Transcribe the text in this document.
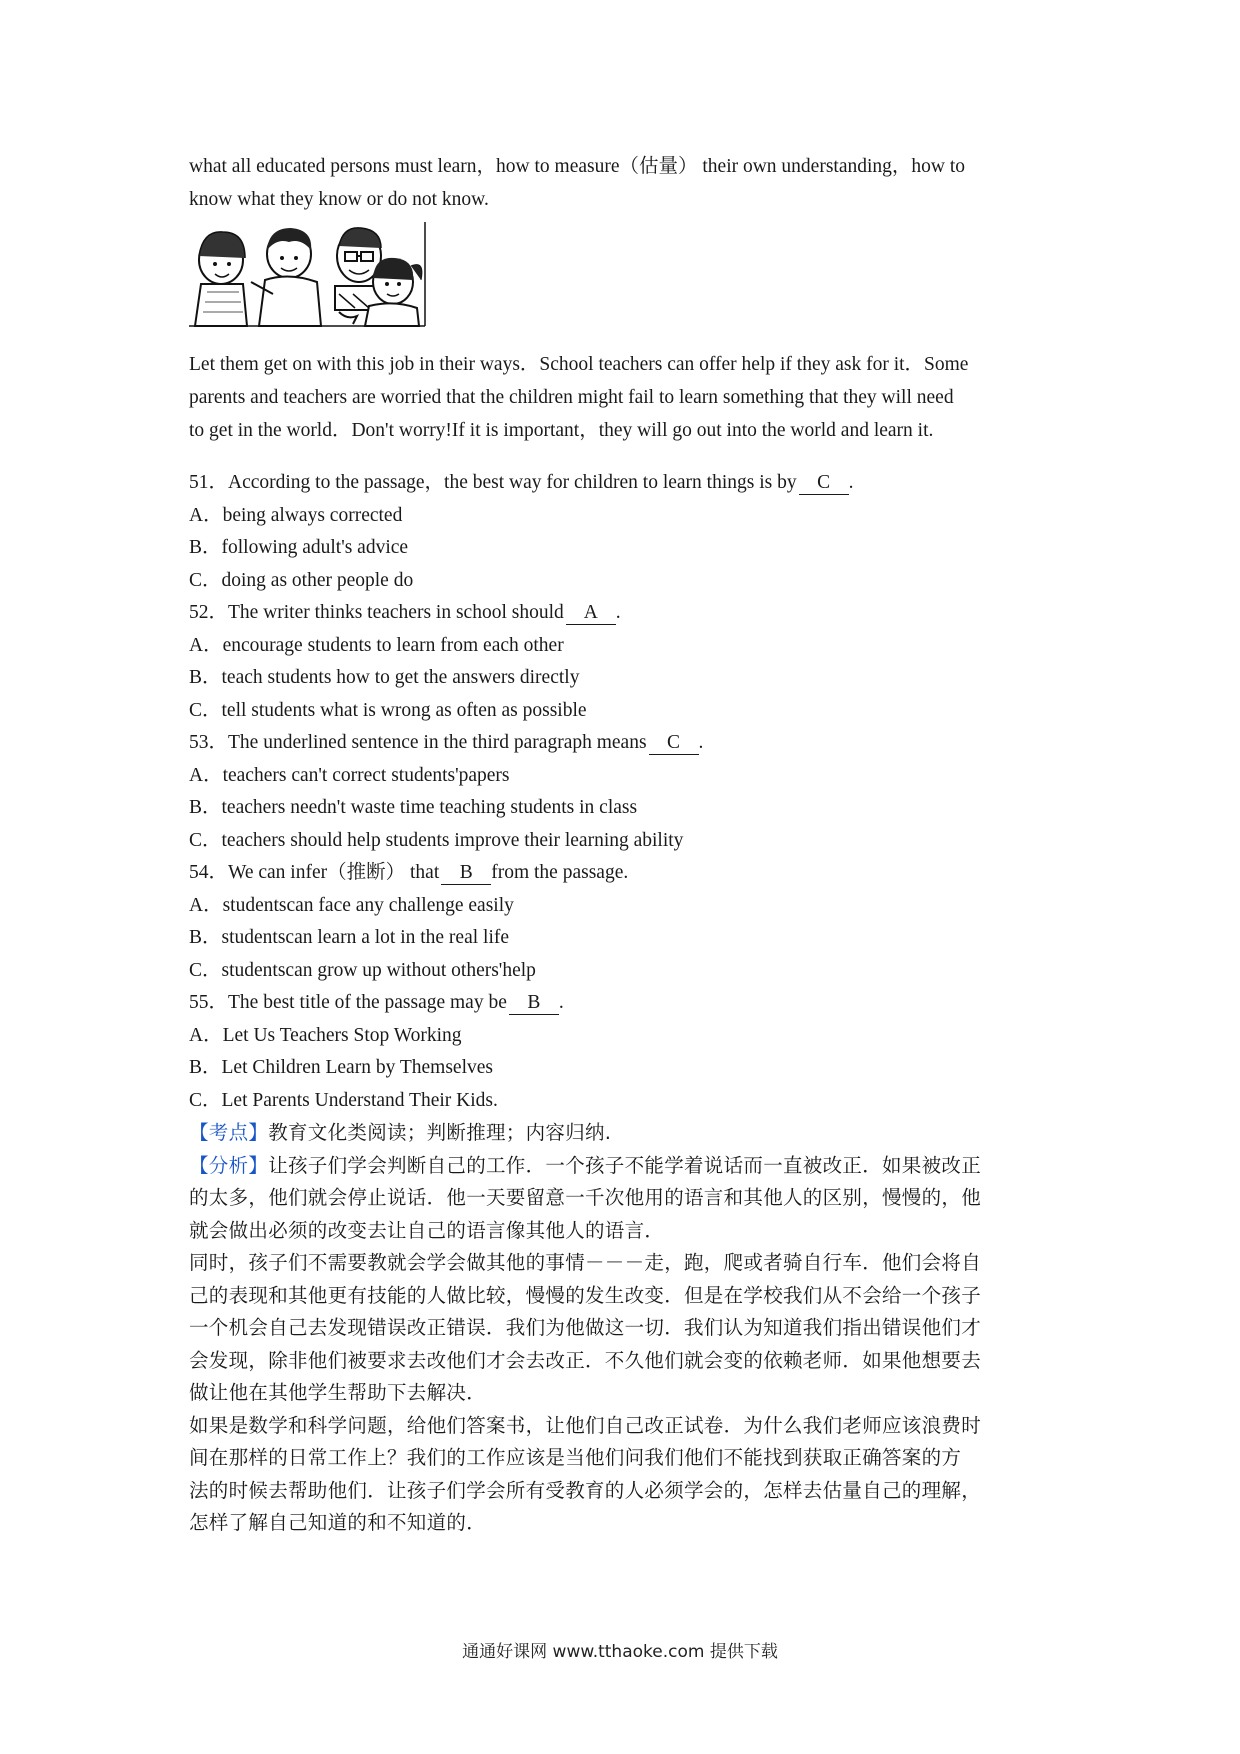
what all educated persons must learn，how to measure（估量） their own understanding，how to

know what they know or do not know.

Let them get on with this job in their ways．School teachers can offer help if they ask for it．Some

parents and teachers are worried that the children might fail to learn something that they will need

to get in the world．Don't worry!If it is important，they will go out into the world and learn it.

51．According to the passage，the best way for children to learn things is by C .

A．being always corrected

B．following adult's advice

C．doing as other people do

52．The writer thinks teachers in school should A .

A．encourage students to learn from each other

B．teach students how to get the answers directly

C．tell students what is wrong as often as possible

53．The underlined sentence in the third paragraph means C .

A．teachers can't correct students'papers

B．teachers needn't waste time teaching students in class

C．teachers should help students improve their learning ability

54．We can infer（推断） that B from the passage.

A．studentscan face any challenge easily

B．studentscan learn a lot in the real life

C．studentscan grow up without others'help

55．The best title of the passage may be B .

A．Let Us Teachers Stop Working

B．Let Children Learn by Themselves

C．Let Parents Understand Their Kids.

【考点】教育文化类阅读；判断推理；内容归纳.

【分析】让孩子们学会判断自己的工作．一个孩子不能学着说话而一直被改正．如果被改正

的太多，他们就会停止说话．他一天要留意一千次他用的语言和其他人的区别，慢慢的，他

就会做出必须的改变去让自己的语言像其他人的语言．

同时，孩子们不需要教就会学会做其他的事情－－－走，跑，爬或者骑自行车．他们会将自

己的表现和其他更有技能的人做比较，慢慢的发生改变．但是在学校我们从不会给一个孩子

一个机会自己去发现错误改正错误．我们为他做这一切．我们认为知道我们指出错误他们才

会发现，除非他们被要求去改他们才会去改正．不久他们就会变的依赖老师．如果他想要去

做让他在其他学生帮助下去解决．

如果是数学和科学问题，给他们答案书，让他们自己改正试卷．为什么我们老师应该浪费时

间在那样的日常工作上？我们的工作应该是当他们问我们他们不能找到获取正确答案的方

法的时候去帮助他们．让孩子们学会所有受教育的人必须学会的，怎样去估量自己的理解，

怎样了解自己知道的和不知道的．

通通好课网 www.tthaoke.com 提供下载
